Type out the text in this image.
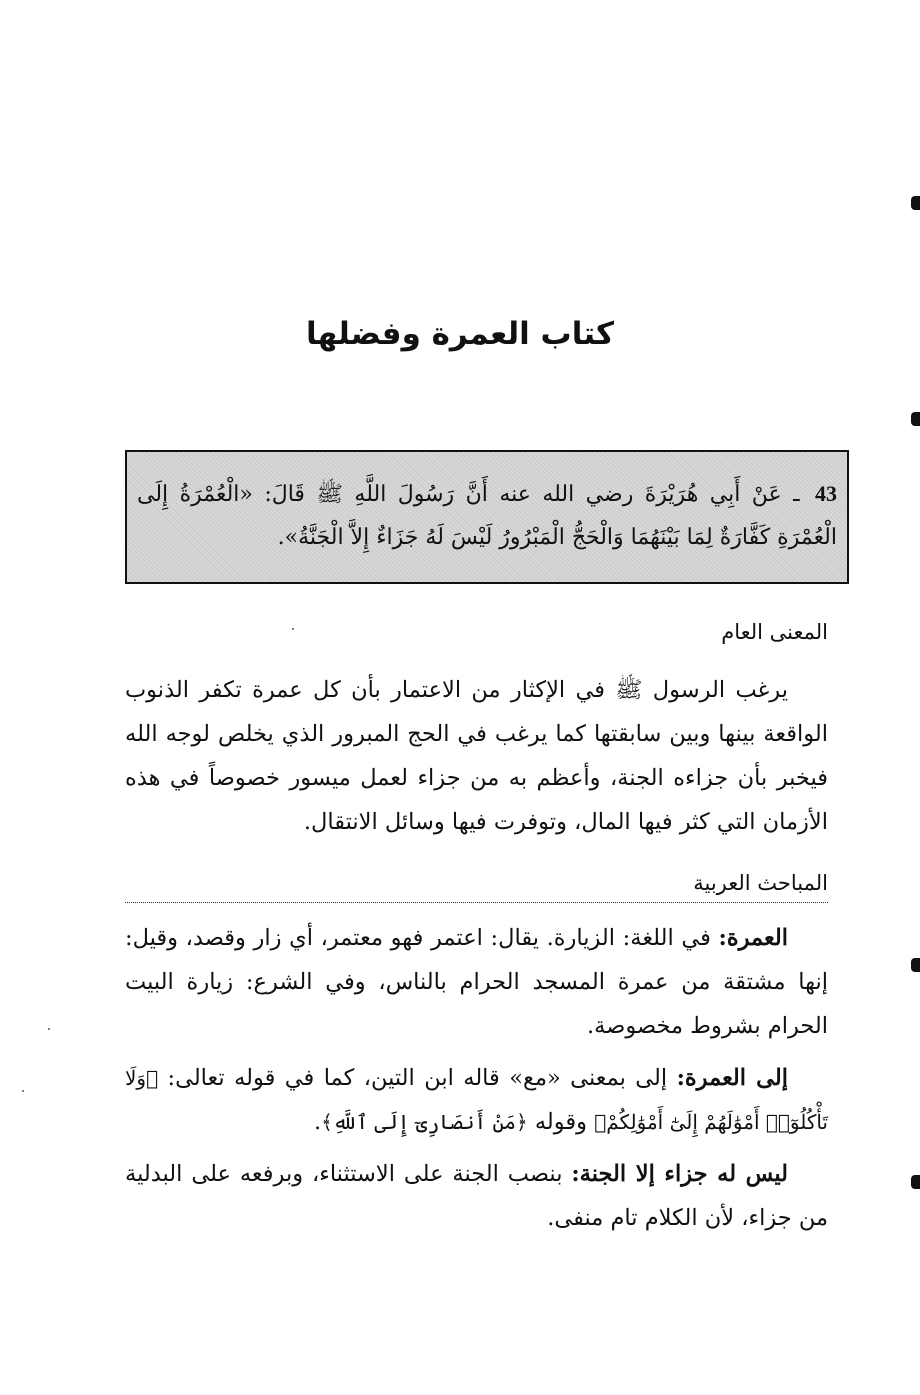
كتاب العمرة وفضلها
43 ـ عَنْ أَبِي هُرَيْرَةَ رضي الله عنه أَنَّ رَسُولَ اللَّهِ ﷺ قَالَ: «الْعُمْرَةُ إِلَى الْعُمْرَةِ كَفَّارَةٌ لِمَا بَيْنَهُمَا وَالْحَجُّ الْمَبْرُورُ لَيْسَ لَهُ جَزَاءٌ إِلاَّ الْجَنَّةُ».
المعنى العام

يرغب الرسول ﷺ في الإكثار من الاعتمار بأن كل عمرة تكفر الذنوب الواقعة بينها وبين سابقتها كما يرغب في الحج المبرور الذي يخلص لوجه الله فيخبر بأن جزاءه الجنة، وأعظم به من جزاء لعمل ميسور خصوصاً في هذه الأزمان التي كثر فيها المال، وتوفرت فيها وسائل الانتقال.

المباحث العربية

العمرة: في اللغة: الزيارة. يقال: اعتمر فهو معتمر، أي زار وقصد، وقيل: إنها مشتقة من عمرة المسجد الحرام بالناس، وفي الشرع: زيارة البيت الحرام بشروط مخصوصة.

إلى العمرة: إلى بمعنى «مع» قاله ابن التين، كما في قوله تعالى: ﴿وَلَا تَأْكُلُوٓا۟ أَمْوَٰلَهُمْ إِلَىٰٓ أَمْوَٰلِكُمْ﴾ وقوله ﴿مَنْ أَنصَارِىٓ إِلَى ٱللَّهِ﴾.

ليس له جزاء إلا الجنة: بنصب الجنة على الاستثناء، وبرفعه على البدلية من جزاء، لأن الكلام تام منفى.
